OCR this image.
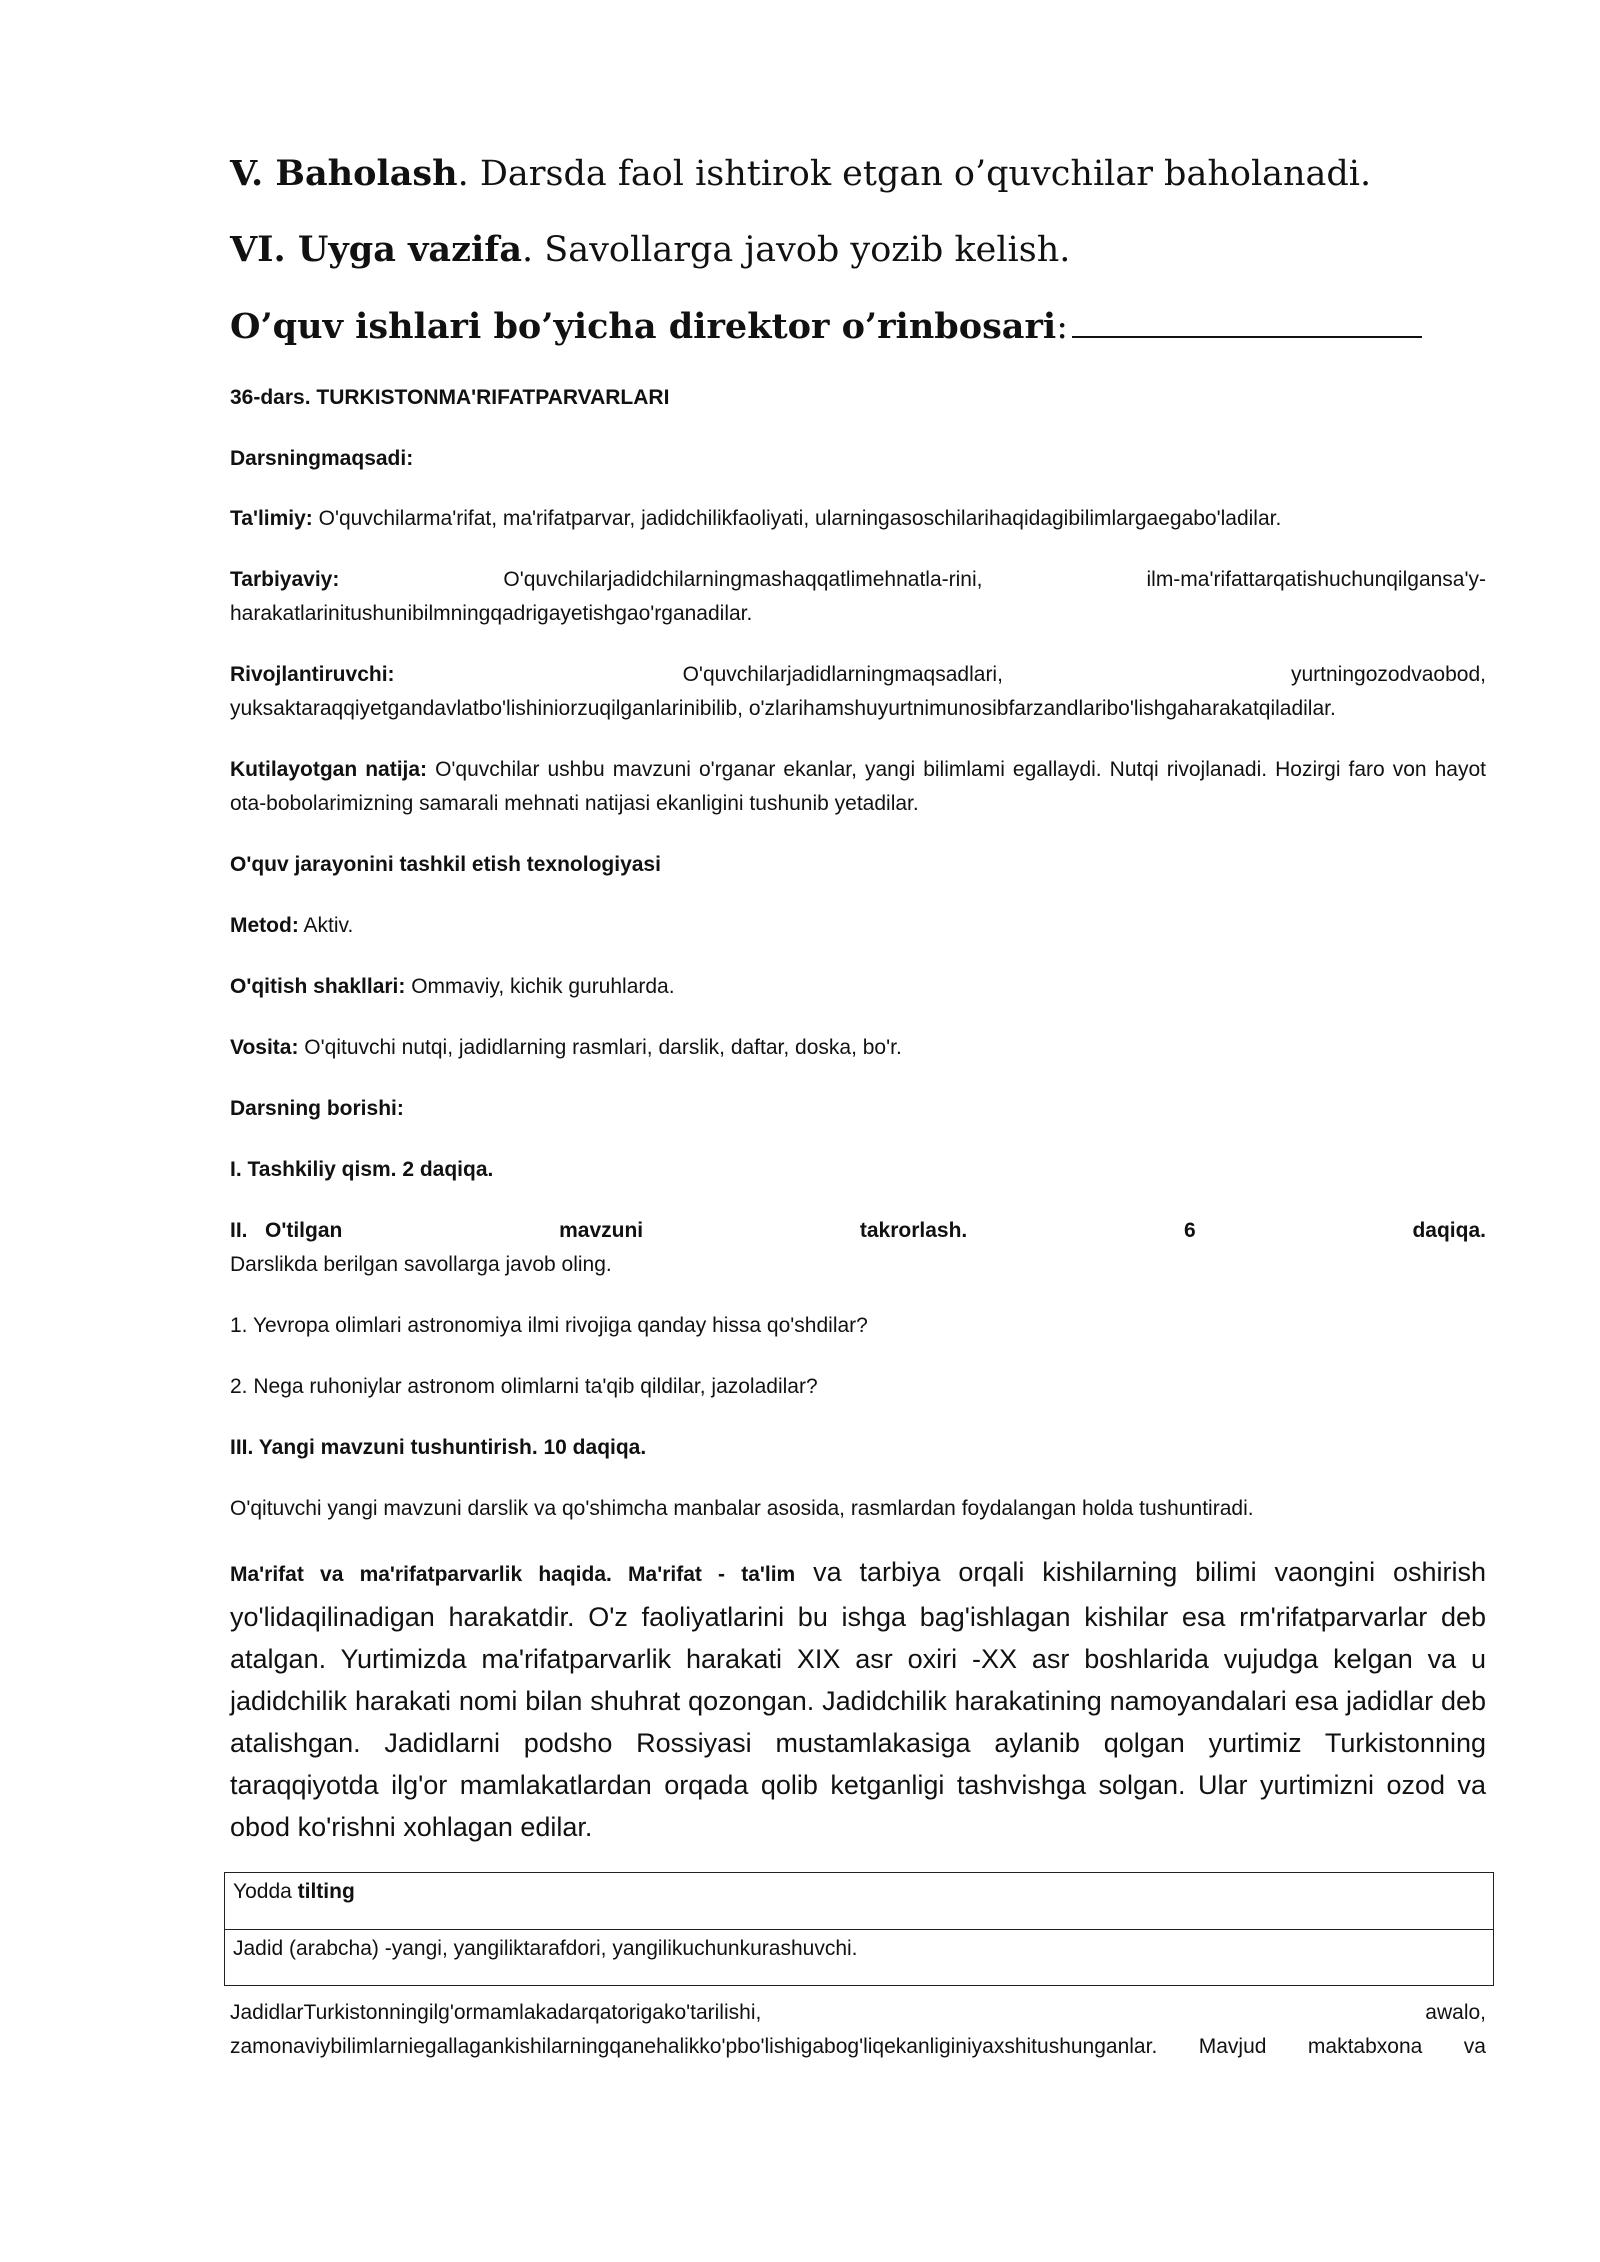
V. Baholash. Darsda faol ishtirok etgan o’quvchilar baholanadi.
VI. Uyga vazifa. Savollarga javob yozib kelish.
O’quv ishlari bo’yicha direktor o’rinbosari:
36-dars. TURKISTONMA'RIFATPARVARLARI
Darsningmaqsadi:
Ta'limiy: O'quvchilarma'rifat, ma'rifatparvar, jadidchilikfaoliyati, ularningasoschilarihaqidagibilimlargaegabo'ladilar.
Tarbiyaviy:	O'quvchilarjadidchilarningmashaqqatlimehnatla-rini,	ilm-ma'rifattarqatishuchunqilgansa'y-
harakatlarinitushunibilmningqadrigayetishgao'rganadilar.
Rivojlantiruvchi:	O'quvchilarjadidlarningmaqsadlari,	yurtningozodvaobod,
yuksaktaraqqiyetgandavlatbo'lishiniorzuqilganlarinibilib, o'zlarihamshuyurtnimunosibfarzandlaribo'lishgaharakatqiladilar.
Kutilayotgan natija: O'quvchilar ushbu mavzuni o'rganar ekanlar, yangi bilimlami egallaydi. Nutqi rivojlanadi. Hozirgi faro von hayot ota-bobolarimizning samarali mehnati natijasi ekanligini tushunib yetadilar.
O'quv jarayonini tashkil etish texnologiyasi
Metod: Aktiv.
O'qitish shakllari: Ommaviy, kichik guruhlarda.
Vosita: O'qituvchi nutqi, jadidlarning rasmlari, darslik, daftar, doska, bo'r.
Darsning borishi:
I. Tashkiliy qism. 2 daqiqa.
II.   O'tilgan	mavzuni	takrorlash.	6	daqiqa.
Darslikda berilgan savollarga javob oling.
1. Yevropa olimlari astronomiya ilmi rivojiga qanday hissa qo'shdilar?
2. Nega ruhoniylar astronom olimlarni ta'qib qildilar, jazoladilar?
III. Yangi mavzuni tushuntirish. 10 daqiqa.
O'qituvchi yangi mavzuni darslik va qo'shimcha manbalar asosida, rasmlardan foydalangan holda tushuntiradi.
Ma'rifat va ma'rifatparvarlik haqida. Ma'rifat - ta'lim va tarbiya orqali kishilarning bilimi vaongini oshirish yo'lidaqilinadigan harakatdir. O'z faoliyatlarini bu ishga bag'ishlagan kishilar esa rm'rifatparvarlar deb atalgan. Yurtimizda ma'rifatparvarlik harakati XIX asr oxiri -XX asr boshlarida vujudga kelgan va u jadidchilik harakati nomi bilan shuhrat qozongan. Jadidchilik harakatining namoyandalari esa jadidlar deb atalishgan. Jadidlarni podsho Rossiyasi mustamlakasiga aylanib qolgan yurtimiz Turkistonning taraqqiyotda ilg'or mamlakatlardan orqada qolib ketganligi tashvishga solgan. Ular yurtimizni ozod va obod ko'rishni xohlagan edilar.
Yodda tilting
Jadid (arabcha) -yangi, yangiliktarafdori, yangilikuchunkurashuvchi.
JadidlarTurkistonningilg'ormamlakadarqatorigako'tarilishi,	awalo,
zamonaviybilimlarniegallagankishilarningqanehalikko'pbo'lishigabog'liqekanliginiyaxshitushunganlar. Mavjud maktabxona va
